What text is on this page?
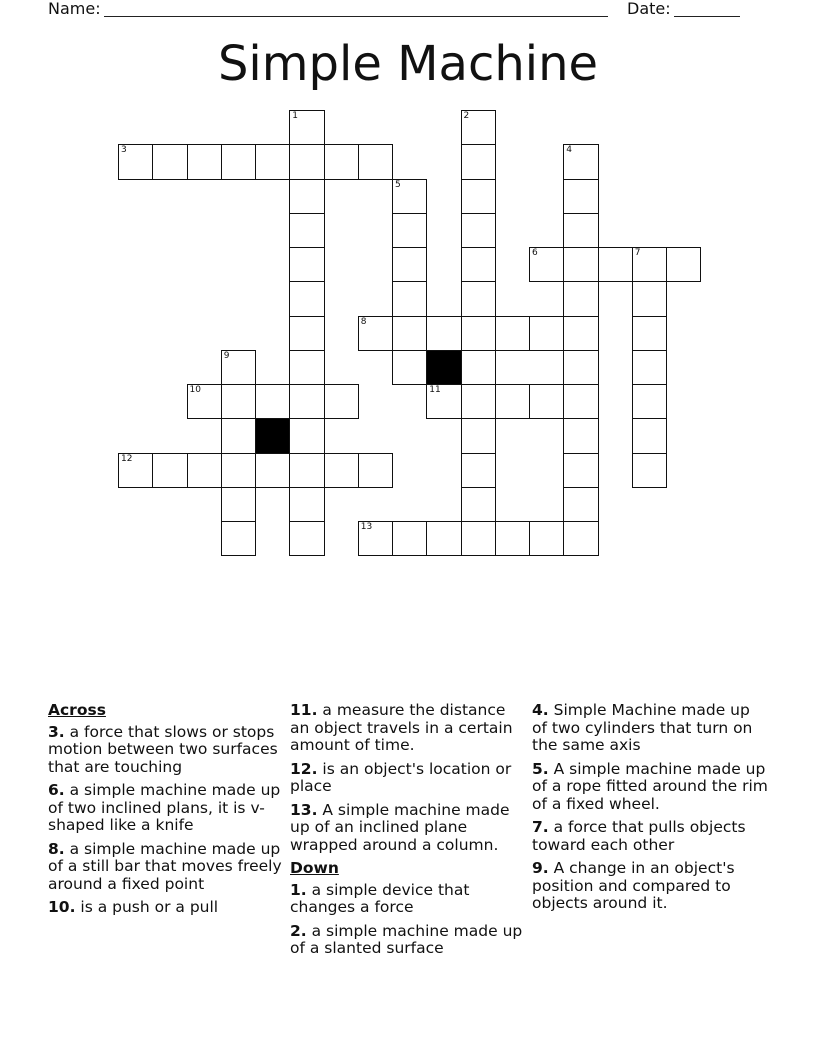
Name:	Date:
Simple Machine
1	2
3	4
5
6	7
8
9
10	11
12
13
Across
3. a force that slows or stops motion between two surfaces that are touching
6. a simple machine made up of two inclined plans, it is v-shaped like a knife
8. a simple machine made up of a still bar that moves freely around a fixed point
10. is a push or a pull
11. a measure the distance an object travels in a certain amount of time.
12. is an object's location or place
13. A simple machine made up of an inclined plane wrapped around a column.
Down
1. a simple device that changes a force
2. a simple machine made up of a slanted surface
4. Simple Machine made up of two cylinders that turn on the same axis
5. A simple machine made up of a rope fitted around the rim of a fixed wheel.
7. a force that pulls objects toward each other
9. A change in an object's position and compared to objects around it.
